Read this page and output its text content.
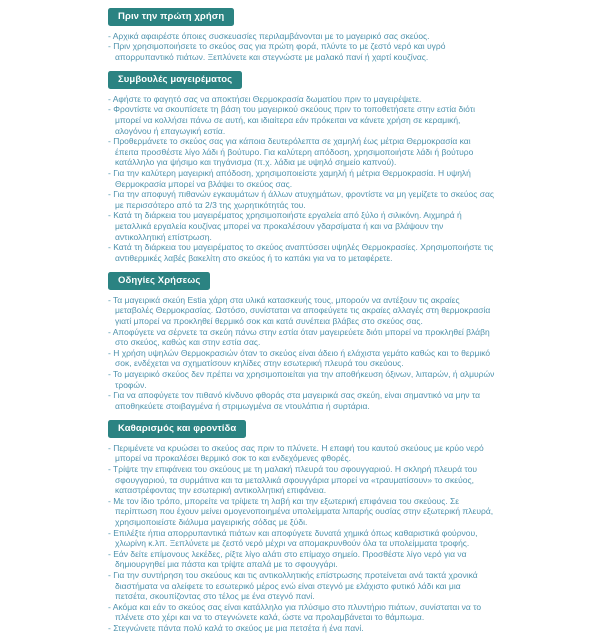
Πριν την πρώτη χρήση
- Αρχικά αφαιρέστε όποιες συσκευασίες περιλαμβάνονται με το μαγειρικό σας σκεύος.
- Πριν χρησιμοποιήσετε το σκεύος σας για πρώτη φορά, πλύντε το με ζεστό νερό και υγρό απορρυπαντικό πιάτων. Ξεπλύνετε και στεγνώστε με μαλακό πανί ή χαρτί κουζίνας.
Συμβουλές μαγειρέματος
- Αφήστε το φαγητό σας να αποκτήσει Θερμοκρασία δωματίου πριν το μαγειρέψετε.
- Φροντίστε να σκουπίσετε τη βάση του μαγειρικού σκεύους πριν το τοποθετήσετε στην εστία διότι μπορεί να κολλήσει πάνω σε αυτή, και ιδιαίτερα εάν πρόκειται να κάνετε χρήση σε κεραμική, αλογόνου ή επαγωγική εστία.
- Προθερμάνετε το σκεύος σας για κάποια δευτερόλεπτα σε χαμηλή έως μέτρια Θερμοκρασία και έπειτα προσθέστε λίγο λάδι ή βούτυρο. Για καλύτερη απόδοση, χρησιμοποιήστε λάδι ή βούτυρο κατάλληλο για ψήσιμο και τηγάνισμα (π.χ. λάδια με υψηλό σημείο καπνού).
- Για την καλύτερη μαγειρική απόδοση, χρησιμοποιείστε χαμηλή ή μέτρια Θερμοκρασία. Η υψηλή Θερμοκρασία μπορεί να βλάψει το σκεύος σας.
- Για την αποφυγή πιθανών εγκαυμάτων ή άλλων ατυχημάτων, φροντίστε να μη γεμίζετε το σκεύος σας με περισσότερο από τα 2/3 της χωρητικότητάς του.
- Κατά τη διάρκεια του μαγειρέματος χρησιμοποιήστε εργαλεία από ξύλο ή σιλικόνη. Αιχμηρά ή μεταλλικά εργαλεία κουζίνας μπορεί να προκαλέσουν γδαρσίματα ή και να βλάψουν την αντικολλητική επίστρωση.
- Κατά τη διάρκεια του μαγειρέματος το σκεύος αναπτύσσει υψηλές Θερμοκρασίες. Χρησιμοποιήστε τις αντιθερμικές λαβές βακελίτη στο σκεύος ή το καπάκι για να το μεταφέρετε.
Οδηγίες Χρήσεως
- Τα μαγειρικά σκεύη Estia χάρη στα υλικά κατασκευής τους, μπορούν να αντέξουν τις ακραίες μεταβολές Θερμοκρασίας. Ωστόσο, συνίσταται να αποφεύγετε τις ακραίες αλλαγές στη θερμοκρασία γιατί μπορεί να προκληθεί θερμικό σοκ και κατά συνέπεια βλάβες στο σκεύος σας.
- Αποφύγετε να σέρνετε τα σκεύη πάνω στην εστία όταν μαγειρεύετε διότι μπορεί να προκληθεί βλάβη στο σκεύος, καθώς και στην εστία σας.
- Η χρήση υψηλών Θερμοκρασιών όταν το σκεύος είναι άδειο ή ελάχιστα γεμάτο καθώς και το θερμικό σοκ, ενδέχεται να σχηματίσουν κηλίδες στην εσωτερική πλευρά του σκεύους.
- Το μαγειρικό σκεύος δεν πρέπει να χρησιμοποιείται για την αποθήκευση όξινων, λιπαρών, ή αλμυρών τροφών.
- Για να αποφύγετε τον πιθανό κίνδυνο φθοράς στα μαγειρικά σας σκεύη, είναι σημαντικό να μην τα αποθηκεύετε στοιβαγμένα ή στριμωγμένα σε ντουλάπια ή συρτάρια.
Καθαρισμός και φροντίδα
- Περιμένετε να κρυώσει το σκεύος σας πριν το πλύνετε. Η επαφή του καυτού σκεύους με κρύο νερό μπορεί να προκαλέσει θερμικό σοκ το και ενδεχόμενες φθορές.
- Τρίψτε την επιφάνεια του σκεύους με τη μαλακή πλευρά του σφουγγαριού. Η σκληρή πλευρά του σφουγγαριού, τα συρμάτινα και τα μεταλλικά σφουγγάρια μπορεί να «τραυματίσουν» το σκεύος, καταστρέφοντας την εσωτερική αντικολλητική επιφάνεια.
- Με τον ίδιο τρόπο, μπορείτε να τρίψετε τη λαβή και την εξωτερική επιφάνεια του σκεύους. Σε περίπτωση που έχουν μείνει ομογενοποιημένα υπολείμματα λιπαρής ουσίας στην εξωτερική πλευρά, χρησιμοποιείστε διάλυμα μαγειρικής σόδας με ξύδι.
- Επιλέξτε ήπια απορρυπαντικά πιάτων και αποφύγετε δυνατά χημικά όπως καθαριστικά φούρνου, χλωρίνη κ.λπ. Ξεπλύνετε με ζεστό νερό μέχρι να απομακρυνθούν όλα τα υπολείμματα τροφής.
- Εάν δείτε επίμονους λεκέδες, ρίξτε λίγο αλάτι στο επίμαχο σημείο. Προσθέστε λίγο νερό για να δημιουργηθεί μια πάστα και τρίψτε απαλά με το σφουγγάρι.
- Για την συντήρηση του σκεύους και τις αντικολλητικής επίστρωσης προτείνεται ανά τακτά χρονικά διαστήματα να αλείφετε το εσωτερικό μέρος ενώ είναι στεγνό με ελάχιστο φυτικό λάδι και μια πετσέτα, σκουπίζοντας στο τέλος με ένα στεγνό πανί.
- Ακόμα και εάν το σκεύος σας είναι κατάλληλο για πλύσιμο στο πλυντήριο πιάτων, συνίσταται να το πλένετε στο χέρι και να το στεγνώνετε καλά, ώστε να προλαμβάνεται το θάμπωμα.
- Στεγνώνετε πάντα πολύ καλά το σκεύος με μια πετσέτα ή ένα πανί.
